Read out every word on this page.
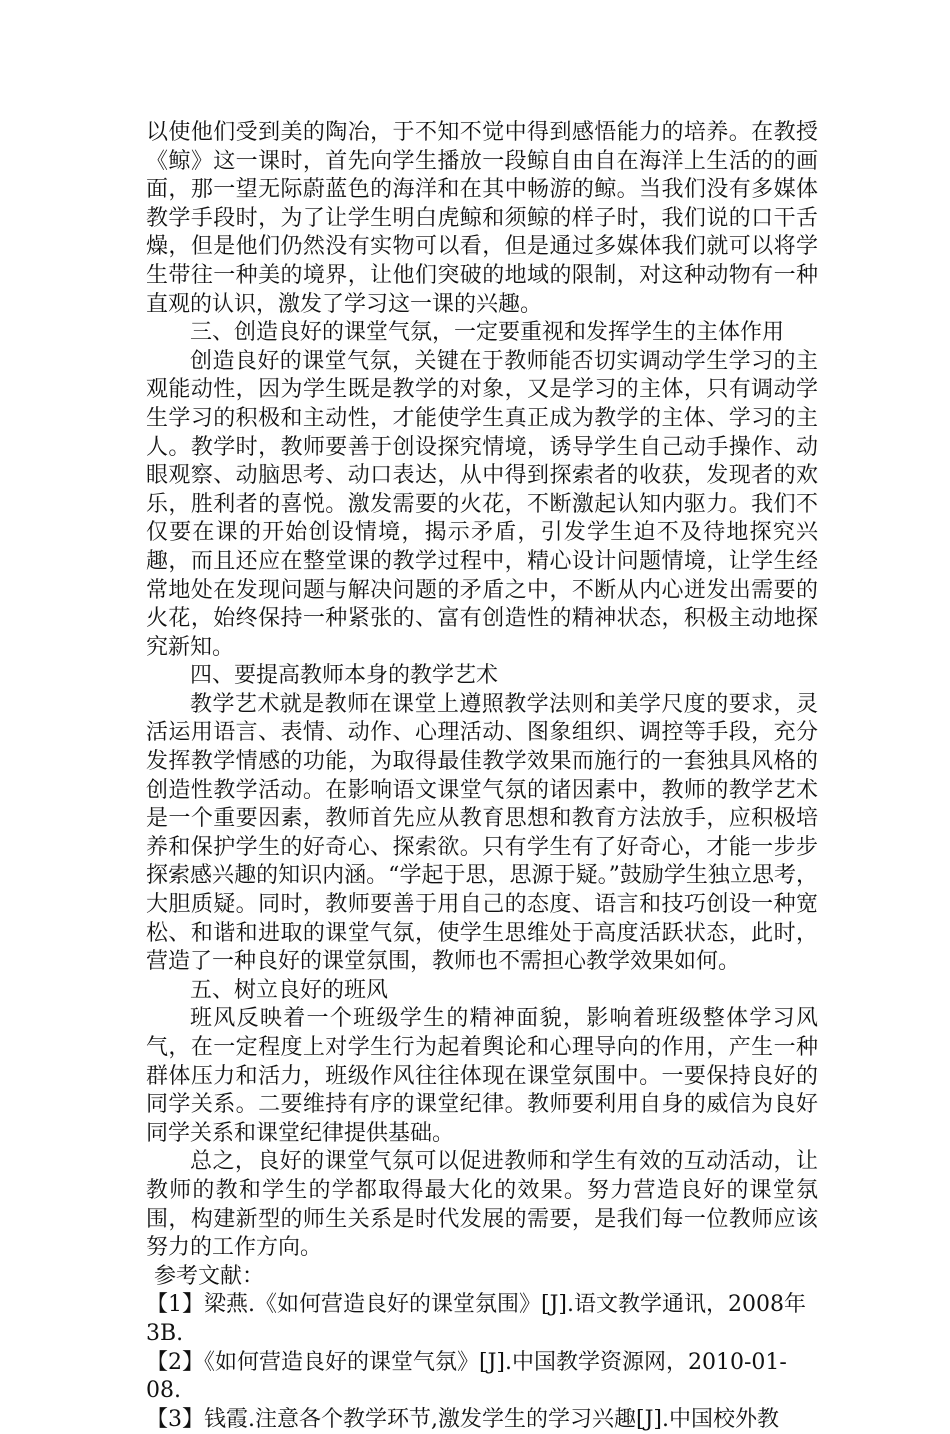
以使他们受到美的陶冶，于不知不觉中得到感悟能力的培养。在教授《鲸》这一课时，首先向学生播放一段鲸自由自在海洋上生活的的画面，那一望无际蔚蓝色的海洋和在其中畅游的鲸。当我们没有多媒体教学手段时，为了让学生明白虎鲸和须鲸的样子时，我们说的口干舌燥，但是他们仍然没有实物可以看，但是通过多媒体我们就可以将学生带往一种美的境界，让他们突破的地域的限制，对这种动物有一种直观的认识，激发了学习这一课的兴趣。

三、创造良好的课堂气氛，一定要重视和发挥学生的主体作用

创造良好的课堂气氛，关键在于教师能否切实调动学生学习的主观能动性，因为学生既是教学的对象，又是学习的主体，只有调动学生学习的积极和主动性，才能使学生真正成为教学的主体、学习的主人。教学时，教师要善于创设探究情境，诱导学生自己动手操作、动眼观察、动脑思考、动口表达，从中得到探索者的收获，发现者的欢乐，胜利者的喜悦。激发需要的火花，不断激起认知内驱力。我们不仅要在课的开始创设情境，揭示矛盾，引发学生迫不及待地探究兴趣，而且还应在整堂课的教学过程中，精心设计问题情境，让学生经常地处在发现问题与解决问题的矛盾之中，不断从内心迸发出需要的火花，始终保持一种紧张的、富有创造性的精神状态，积极主动地探究新知。

四、要提高教师本身的教学艺术

教学艺术就是教师在课堂上遵照教学法则和美学尺度的要求，灵活运用语言、表情、动作、心理活动、图象组织、调控等手段，充分发挥教学情感的功能，为取得最佳教学效果而施行的一套独具风格的创造性教学活动。在影响语文课堂气氛的诸因素中，教师的教学艺术是一个重要因素，教师首先应从教育思想和教育方法放手，应积极培养和保护学生的好奇心、探索欲。只有学生有了好奇心，才能一步步探索感兴趣的知识内涵。“学起于思，思源于疑。”鼓励学生独立思考，大胆质疑。同时，教师要善于用自己的态度、语言和技巧创设一种宽松、和谐和进取的课堂气氛，使学生思维处于高度活跃状态，此时，营造了一种良好的课堂氛围，教师也不需担心教学效果如何。

五、树立良好的班风

班风反映着一个班级学生的精神面貌，影响着班级整体学习风气，在一定程度上对学生行为起着舆论和心理导向的作用，产生一种群体压力和活力，班级作风往往体现在课堂氛围中。一要保持良好的同学关系。二要维持有序的课堂纪律。教师要利用自身的威信为良好同学关系和课堂纪律提供基础。

总之，良好的课堂气氛可以促进教师和学生有效的互动活动，让教师的教和学生的学都取得最大化的效果。努力营造良好的课堂氛围，构建新型的师生关系是时代发展的需要，是我们每一位教师应该努力的工作方向。

参考文献：

【1】梁燕.《如何营造良好的课堂氛围》[J].语文教学通讯，2008年3B.

【2】《如何营造良好的课堂气氛》[J].中国教学资源网，2010-01-08.

【3】钱霞.注意各个教学环节,激发学生的学习兴趣[J].中国校外教
